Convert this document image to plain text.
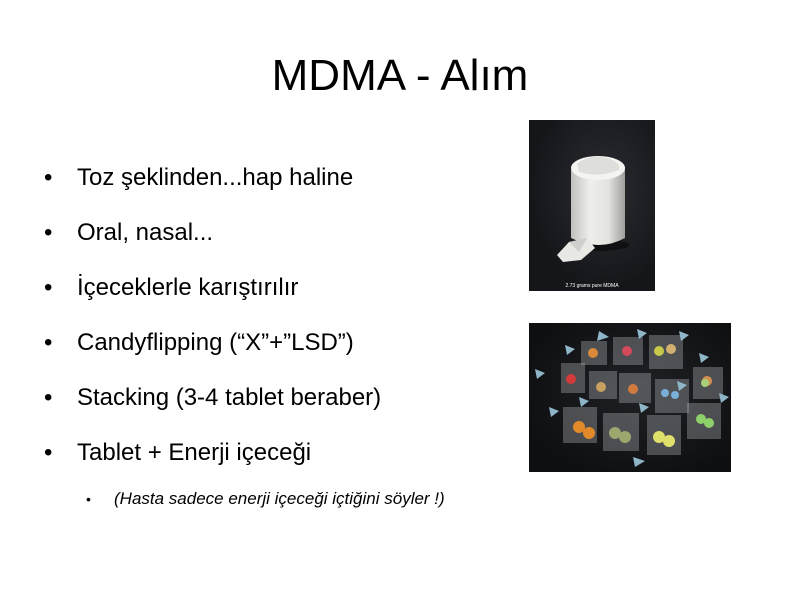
MDMA - Alım
•	Toz şeklinden...hap haline
•	Oral, nasal...
•	İçeceklerle karıştırılır
•	Candyflipping (“X”+”LSD”)
•	Stacking (3-4 tablet beraber)
•	Tablet + Enerji içeceği
• (Hasta sadece enerji içeceği içtiğini söyler !)
2.73 grams pure MDMA
